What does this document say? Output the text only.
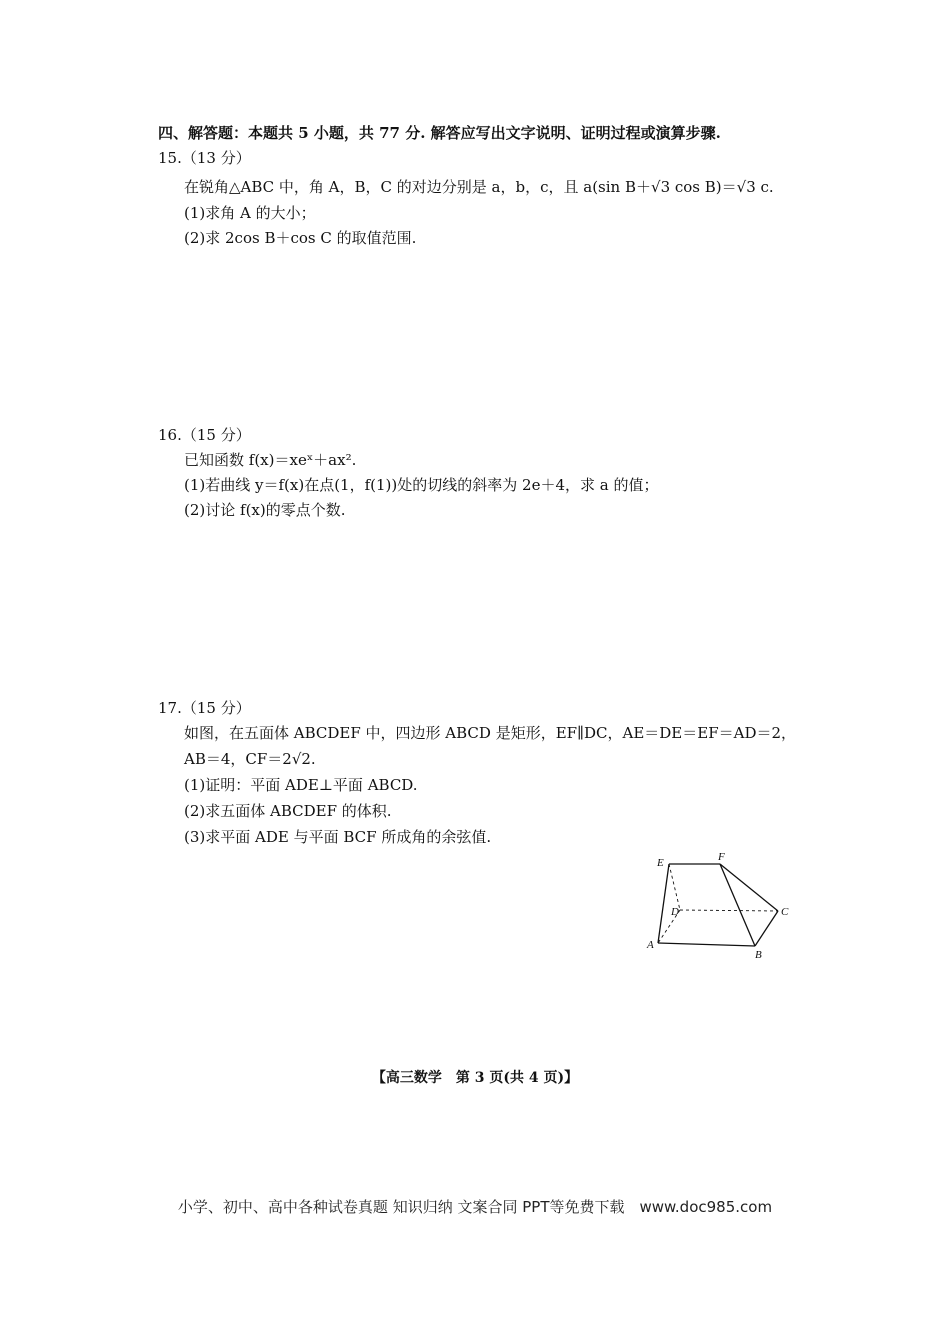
四、解答题：本题共 5 小题，共 77 分. 解答应写出文字说明、证明过程或演算步骤.
15.（13 分）
在锐角△ABC 中，角 A，B，C 的对边分别是 a，b，c，且 a(sin B＋√3 cos B)＝√3 c.
(1)求角 A 的大小；
(2)求 2cos B＋cos C 的取值范围.
16.（15 分）
已知函数 f(x)＝xeˣ＋ax².
(1)若曲线 y＝f(x)在点(1，f(1))处的切线的斜率为 2e＋4，求 a 的值；
(2)讨论 f(x)的零点个数.
17.（15 分）
如图，在五面体 ABCDEF 中，四边形 ABCD 是矩形，EF∥DC，AE＝DE＝EF＝AD＝2，
AB＝4，CF＝2√2.
(1)证明：平面 ADE⊥平面 ABCD.
(2)求五面体 ABCDEF 的体积.
(3)求平面 ADE 与平面 BCF 所成角的余弦值.
E	F
D	C
A
B
【高三数学　第 3 页(共 4 页)】
小学、初中、高中各种试卷真题 知识归纳 文案合同 PPT等免费下载　www.doc985.com
